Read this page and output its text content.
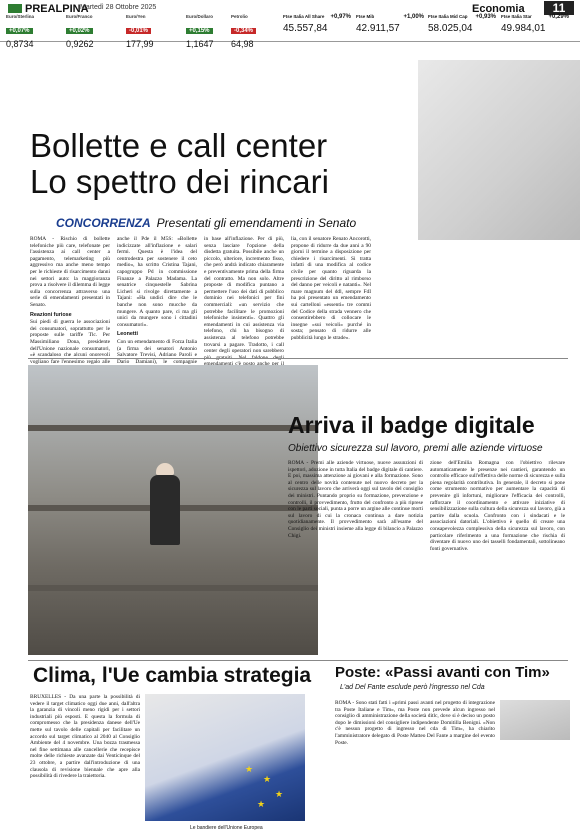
PREALPINA
Martedì 28 Ottobre 2025	Economia	11
Euro/Sterlina
+0,07%
0,8734
Euro/Franco
+0,02%
0,9262
Euro/Yen
-0,01%
177,99
Euro/Dollaro
+0,15%
1,1647
Petrolio
-0,34%
64,98
Ftse Italia All Share	+0,97%
45.557,84
Ftse Mib	+1,00%
42.911,57
Ftse Italia Mid Cap	+0,93%
58.025,04
Ftse Italia Star	+0,29%
49.984,01
Bollette e call center
Lo spettro dei rincari
CONCORRENZA Presentati gli emendamenti in Senato
ROMA - Rischio di bollette telefoniche più care, telefonate per l'assistenza ai call center a pagamento, telemarketing più aggressivo ma anche meno tempo per le richieste di risarcimento danni nei settori auto: la maggioranza prova a risolvere il dilemma di legge sulla concorrenza attraverso una serie di emendamenti presentati in Senato.
Reazioni furiose
Sui piedi di guerra le associazioni dei consumatori, soprattutto per le proposte sulle tariffe Tlc. Per Massimiliano Dona, presidente dell'Unione nazionale consumatori, «è scandaloso che alcuni onorevoli vogliano fare l'ennesimo regalo alle
anche il Pde il M5S: «Bollette indicizzate all'inflazione e salari fermi. Questa è l'idea del centrodestra per sostenere il ceto medio», ha scritto Cristina Tajani, capogruppo Pd in commissione Finanze a Palazzo Madama. La senatrice cinquestelle Sabrina Licheri si rivolge direttamente a Tajani: «Ha undici dire che le banche non sono mucche da mungere. A quanto pare, ci ma gli unici da mungere sono i cittadini consumatori».
Leonetti
Con un emendamento di Forza Italia (a firma dei senatori Antonio Salvatore Trevisi, Adriano Paroli e Dario Damiani), le compagnie
in base all'inflazione. Per di più, senza lasciare l'opzione della disdetta gratuita. Possibile anche un piccolo, ulteriore, incremento fisso, che però andrà indicato chiaramente e preventivamente prima della firma del contratto. Ma non solo. Altre proposte di modifica puntano a permettere l'uso dei dati di pubblico dominio nei telefonici per fini commerciali: «un servizio che potrebbe facilitare le promozioni telefoniche insistenti». Quattro gli emendamenti in cui assistenza via telefono, chi ha bisogno di assistenza al telefono potrebbe trovarsi a pagare. Tradotto, i call center degli operatori non sarebbero più gratuiti. Nel faldone degli
lia, con il senatore Renato Ancorotti, propone di ridurre da due anni a 90 giorni il termine a disposizione per chiedere i risarcimenti. Si tratta infatti di una modifica al codice civile per quanto riguarda la prescrizione del diritto al rimborso del danno per veicoli e natanti». Nel mare magnum del ddl, sempre FdI ha poi presentato un emendamento sui cartelloni «essenti» tre commi del Codice della strada vennero che consentirebbero di collocare le insegne «sui veicoli» purché in sosta; pensato di ridurre alle pubblicità lungo le strade».
Arriva il badge digitale
Obiettivo sicurezza sul lavoro, premi alle aziende virtuose
ROMA - Premi alle aziende virtuose, nuove assunzioni di ispettori, adozione in tutta Italia del badge digitale di cantiere. E poi, massima attenzione ai giovani e alla formazione. Sono al centro delle novità contenute nel nuovo decreto per la sicurezza sul lavoro che arriverà oggi sul tavolo del consiglio dei ministri. Puntando proprio su formazione, prevenzione e controlli, il provvedimento, frutto del confronto a più riprese con le parti sociali, punta a porre un argine alle continue morti sul lavoro di cui la cronaca continua a dare notizia quotidianamente. Il provvedimento sarà all'esame del Consiglio dei ministri insieme alla legge di bilancio a Palazzo Chigi.
zione dell'Emilia Romagna con l'obiettivo rilevare automaticamente le presenze nei cantieri, garantendo un controllo efficace sull'effettiva delle norme di sicurezza e sulla piena regolarità contributiva. In generale, il decreto si pone come strumento normativo per aumentare la capacità di prevenire gli infortuni, migliorare l'efficacia dei controlli, rafforzare il coordinamento e attivare iniziative di sensibilizzazione sulla cultura della sicurezza sul lavoro, già a partire dalla scuola. Confronto con i sindacati e le associazioni datoriali. L'obiettivo è quello di creare una consapevolezza complessiva della sicurezza sul lavoro, con particolare riferimento a una formazione che rischia di diventare di nuovo uno dei tasselli fondamentali, sottolineano fonti governative.
Clima, l'Ue cambia strategia
BRUXELLES - Da una parte la possibilità di vedere il target climatico oggi due anni, dall'altra la garanzia di vincoli meno rigidi per i settori industriali più esposti. E questa la formula di compromesso che la presidenza danese dell'Ue mette sul tavolo delle capitali per facilitare un accordo sul target climatico al 2040 al Consiglio Ambiente del 4 novembre. Una bozza trasmessa nel fine settimana alle cancellerie che recepisce molte delle richieste avanzate dai Venticinque del 23 ottobre, a partire dall'introduzione di una clausola di revisione biennale che apre alla possibilità di rivedere la traiettoria.
★
★
★
★
Le bandiere dell'Unione Europea
Poste: «Passi avanti con Tim»
L'ad Del Fante esclude però l'ingresso nel Cda
ROMA - Sono stati fatti i «primi passi avanti nel progetto di integrazione tra Poste Italiane e Tim», ma Poste non prevede alcun ingresso nel consiglio di amministrazione della società ditlc, dove si è deciso un posto dopo le dimissioni del consigliere indipendente Domitilla Benigni. «Non c'è nessun progetto di ingresso nel cda di Tim», ha chiarito l'amministratore delegato di Poste Matteo Del Fante a margine del evento Poste.
